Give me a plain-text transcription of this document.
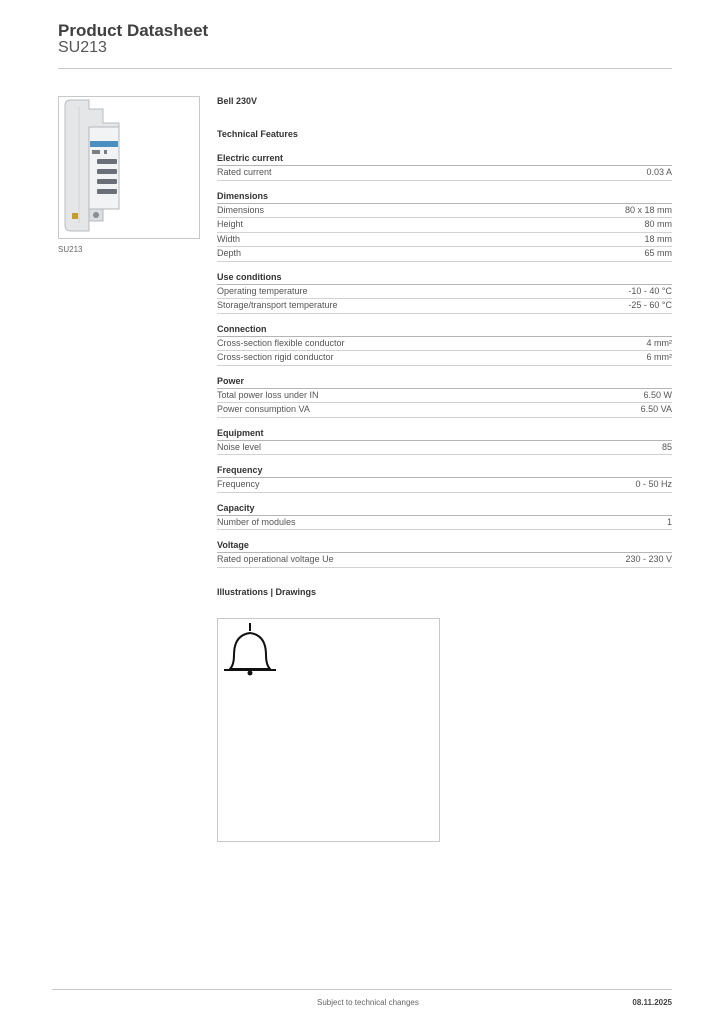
Product Datasheet
SU213
SU213
Bell 230V
Technical Features
Electric current
Rated current	0.03 A
Dimensions
Dimensions	80 x 18 mm
Height	80 mm
Width	18 mm
Depth	65 mm
Use conditions
Operating temperature	-10 - 40 °C
Storage/transport temperature	-25 - 60 °C
Connection
Cross-section flexible conductor	4 mm²
Cross-section rigid conductor	6 mm²
Power
Total power loss under IN	6.50 W
Power consumption VA	6.50 VA
Equipment
Noise level	85
Frequency
Frequency	0 - 50 Hz
Capacity
Number of modules	1
Voltage
Rated operational voltage Ue	230 - 230 V
Illustrations | Drawings
Subject to technical changes	08.11.2025
